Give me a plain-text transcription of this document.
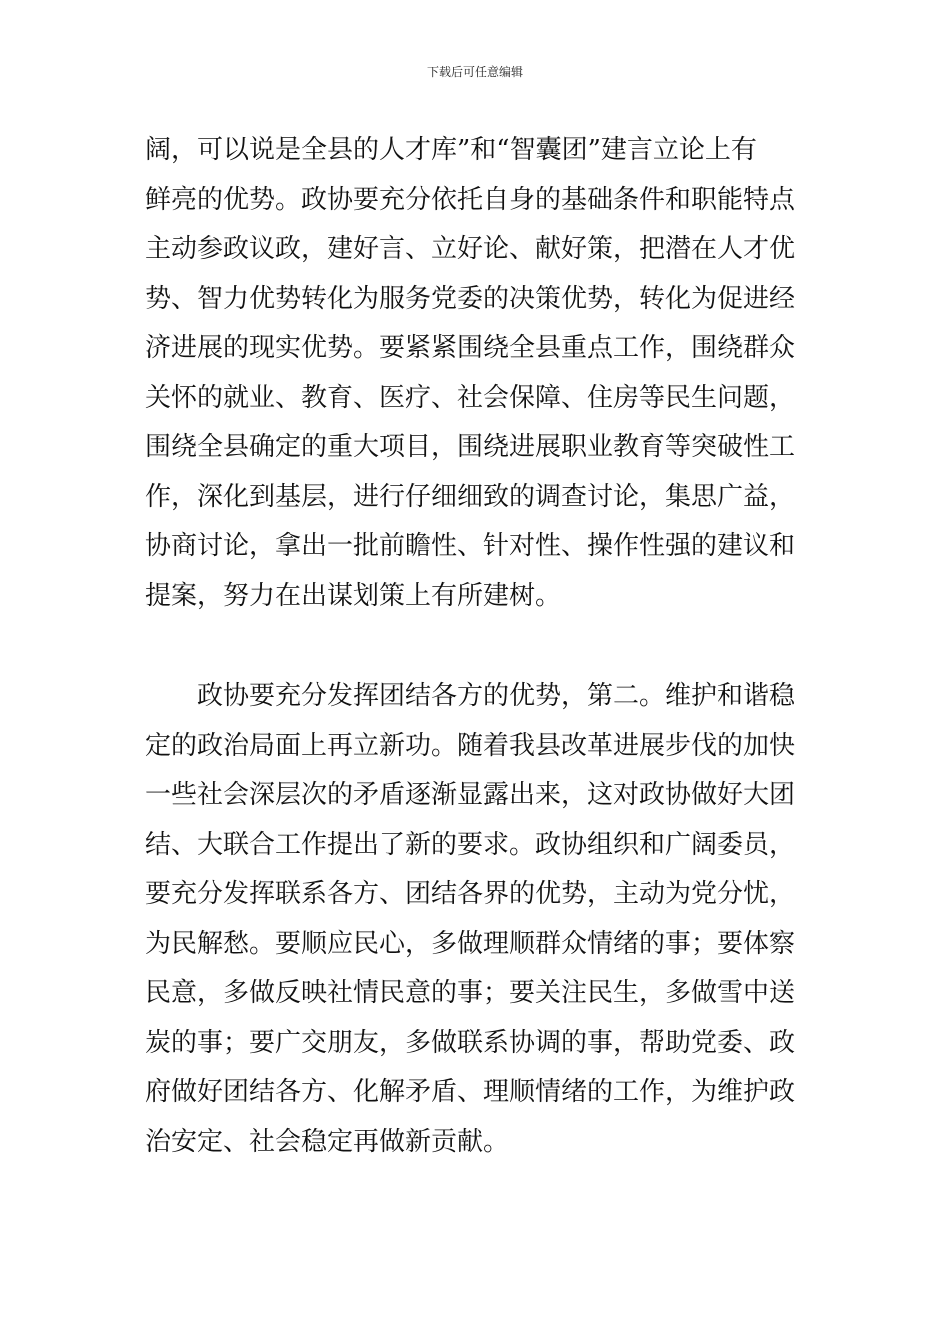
下载后可任意编辑
阔，可以说是全县的人才库”和“智囊团”建言立论上有
鲜亮的优势。政协要充分依托自身的基础条件和职能特点
主动参政议政，建好言、立好论、献好策，把潜在人才优
势、智力优势转化为服务党委的决策优势，转化为促进经
济进展的现实优势。要紧紧围绕全县重点工作，围绕群众
关怀的就业、教育、医疗、社会保障、住房等民生问题，
围绕全县确定的重大项目，围绕进展职业教育等突破性工
作，深化到基层，进行仔细细致的调查讨论，集思广益，
协商讨论，拿出一批前瞻性、针对性、操作性强的建议和
提案，努力在出谋划策上有所建树。
　　政协要充分发挥团结各方的优势，第二。维护和谐稳
定的政治局面上再立新功。随着我县改革进展步伐的加快
一些社会深层次的矛盾逐渐显露出来，这对政协做好大团
结、大联合工作提出了新的要求。政协组织和广阔委员，
要充分发挥联系各方、团结各界的优势，主动为党分忧，
为民解愁。要顺应民心，多做理顺群众情绪的事；要体察
民意，多做反映社情民意的事；要关注民生，多做雪中送
炭的事；要广交朋友，多做联系协调的事，帮助党委、政
府做好团结各方、化解矛盾、理顺情绪的工作，为维护政
治安定、社会稳定再做新贡献。
